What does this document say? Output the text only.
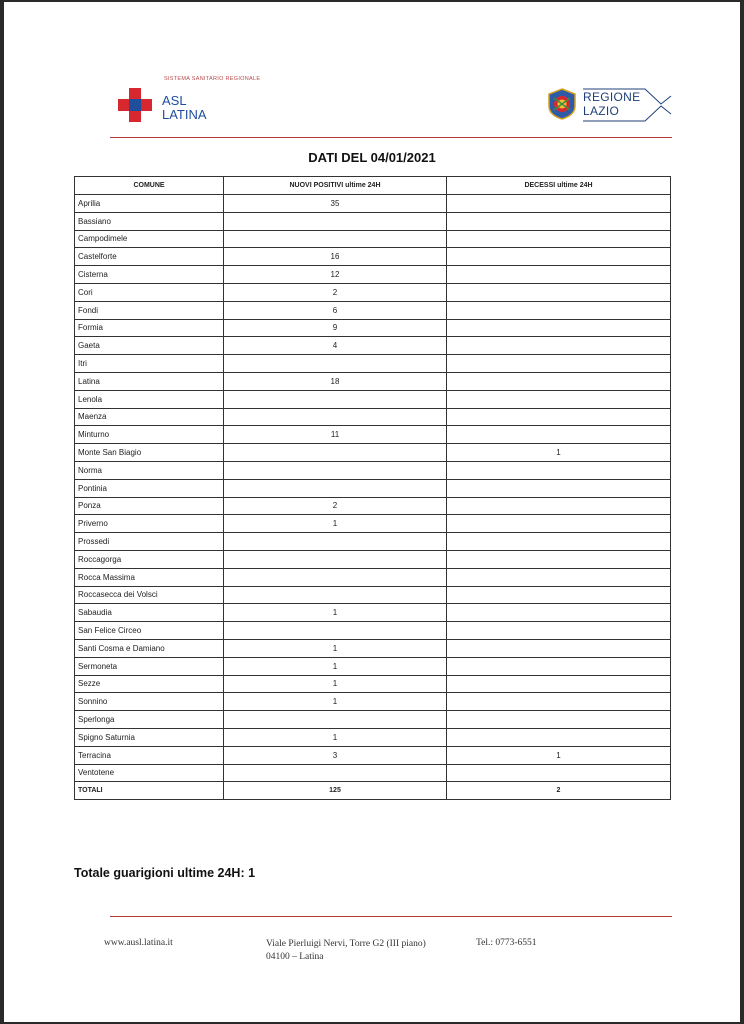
SISTEMA SANITARIO REGIONALE
ASL
LATINA
REGIONE
LAZIO
DATI DEL 04/01/2021
COMUNE	NUOVI POSITIVI ultime 24H	DECESSI ultime 24H
Aprilia	35	
Bassiano		
Campodimele		
Castelforte	16	
Cisterna	12	
Cori	2	
Fondi	6	
Formia	9	
Gaeta	4	
Itri		
Latina	18	
Lenola		
Maenza		
Minturno	11	
Monte San Biagio		1
Norma		
Pontinia		
Ponza	2	
Priverno	1	
Prossedi		
Roccagorga		
Rocca Massima		
Roccasecca dei Volsci		
Sabaudia	1	
San Felice Circeo		
Santi Cosma e Damiano	1	
Sermoneta	1	
Sezze	1	
Sonnino	1	
Sperlonga		
Spigno Saturnia	1	
Terracina	3	1
Ventotene		
TOTALI	125	2
Totale guarigioni ultime 24H: 1
www.ausl.latina.it	Viale Pierluigi Nervi, Torre G2 (III piano)
04100 – Latina
Tel.: 0773-6551
